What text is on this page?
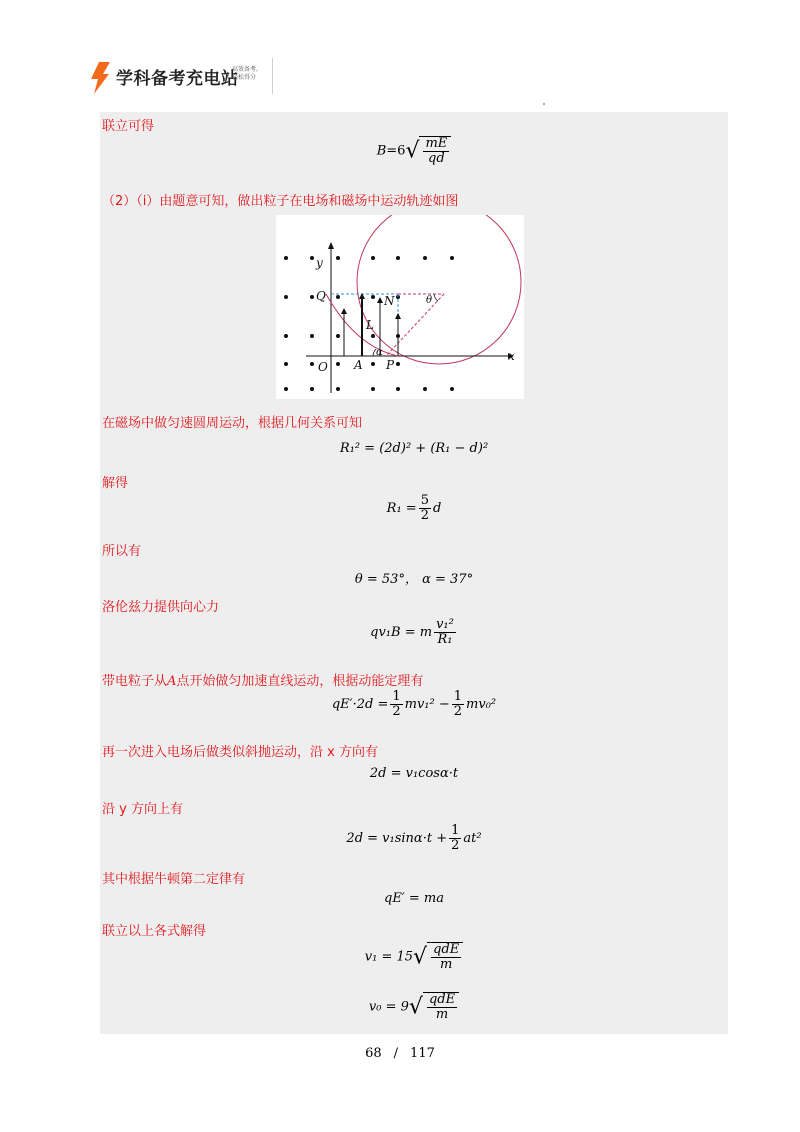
学科备考充电站
高效备考,
轻松得分
联立可得
$B=6√ \frac{mE}{qd}$
（2）（i）由题意可知，做出粒子在电场和磁场中运动轨迹如图
y
x
Q	N	θ
L
α
O A P
在磁场中做匀速圆周运动，根据几何关系可知
R₁² = (2d)² + (R₁ − d)²
解得
$R_1 = \frac{5}{2}$ d
所以有
θ = 53°， α = 37°
洛伦兹力提供向心力
qv₁B = m $\frac{\text{v₁²}}{\text{R₁}}$
带电粒子从A点开始做匀加速直线运动，根据动能定理有
$qE'\cdot 2d = \frac{1}{2} mv_1^2 - \frac{1}{2} mv_0^2$
再一次进入电场后做类似斜抛运动，沿 x 方向有
2d = v₁cosα·t
沿 y 方向上有
$2d = v_1\sin\alpha\cdot t + \frac{1}{2} at^2$
其中根据牛顿第二定律有
qE′ = ma
联立以上各式解得
$v_1 = 15√ \frac{\text{qdE}}{m}$
$v_0 = 9√ \frac{\text{qdE}}{m}$
68 / 117
